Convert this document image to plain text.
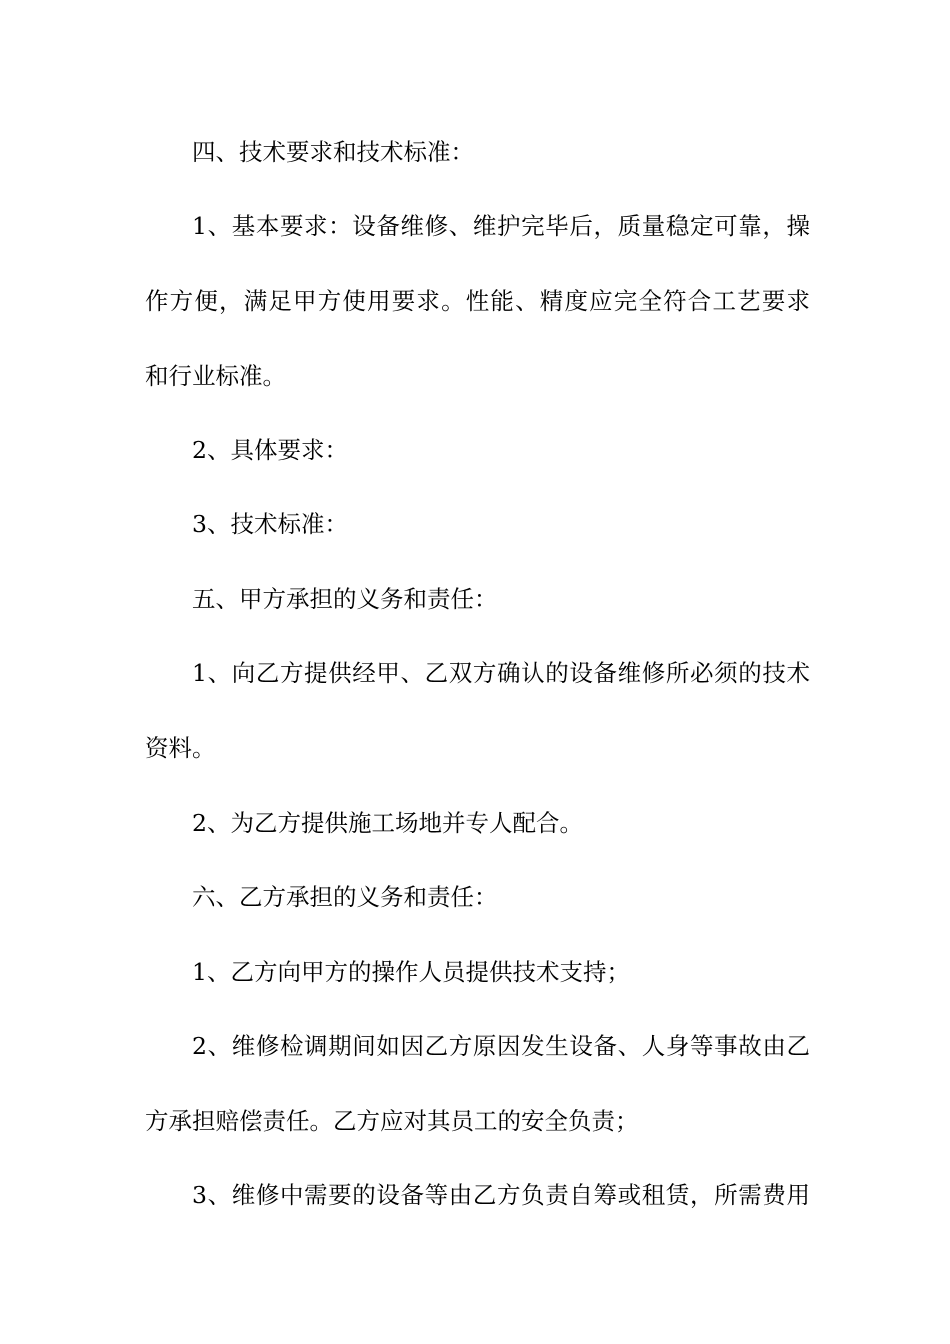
四、技术要求和技术标准：
1、基本要求：设备维修、维护完毕后，质量稳定可靠，操
作方便，满足甲方使用要求。性能、精度应完全符合工艺要求
和行业标准。
2、具体要求：
3、技术标准：
五、甲方承担的义务和责任：
1、向乙方提供经甲、乙双方确认的设备维修所必须的技术
资料。
2、为乙方提供施工场地并专人配合。
六、乙方承担的义务和责任：
1、乙方向甲方的操作人员提供技术支持；
2、维修检调期间如因乙方原因发生设备、人身等事故由乙
方承担赔偿责任。乙方应对其员工的安全负责；
3、维修中需要的设备等由乙方负责自筹或租赁，所需费用
